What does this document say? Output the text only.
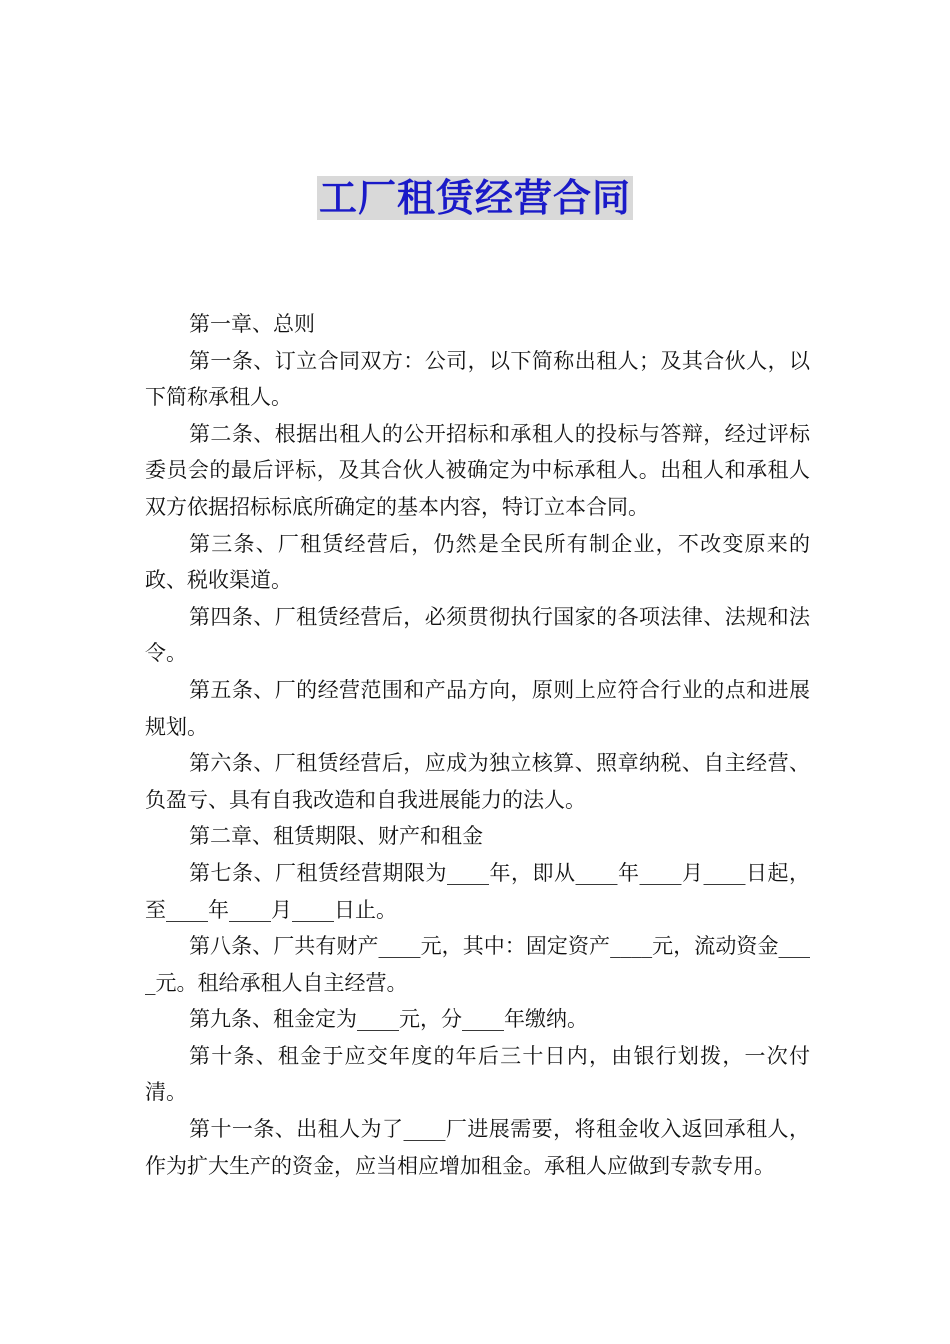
工厂租赁经营合同

第一章、总则

第一条、订立合同双方：公司，以下简称出租人；及其合伙人，以下简称承租人。

第二条、根据出租人的公开招标和承租人的投标与答辩，经过评标委员会的最后评标，及其合伙人被确定为中标承租人。出租人和承租人双方依据招标标底所确定的基本内容，特订立本合同。

第三条、厂租赁经营后，仍然是全民所有制企业，不改变原来的政、税收渠道。

第四条、厂租赁经营后，必须贯彻执行国家的各项法律、法规和法令。

第五条、厂的经营范围和产品方向，原则上应符合行业的点和进展规划。

第六条、厂租赁经营后，应成为独立核算、照章纳税、自主经营、负盈亏、具有自我改造和自我进展能力的法人。

第二章、租赁期限、财产和租金

第七条、厂租赁经营期限为____年，即从____年____月____日起，至____年____月____日止。

第八条、厂共有财产____元，其中：固定资产____元，流动资金____元。租给承租人自主经营。

第九条、租金定为____元，分____年缴纳。

第十条、租金于应交年度的年后三十日内，由银行划拨，一次付清。

第十一条、出租人为了____厂进展需要，将租金收入返回承租人，作为扩大生产的资金，应当相应增加租金。承租人应做到专款专用。
